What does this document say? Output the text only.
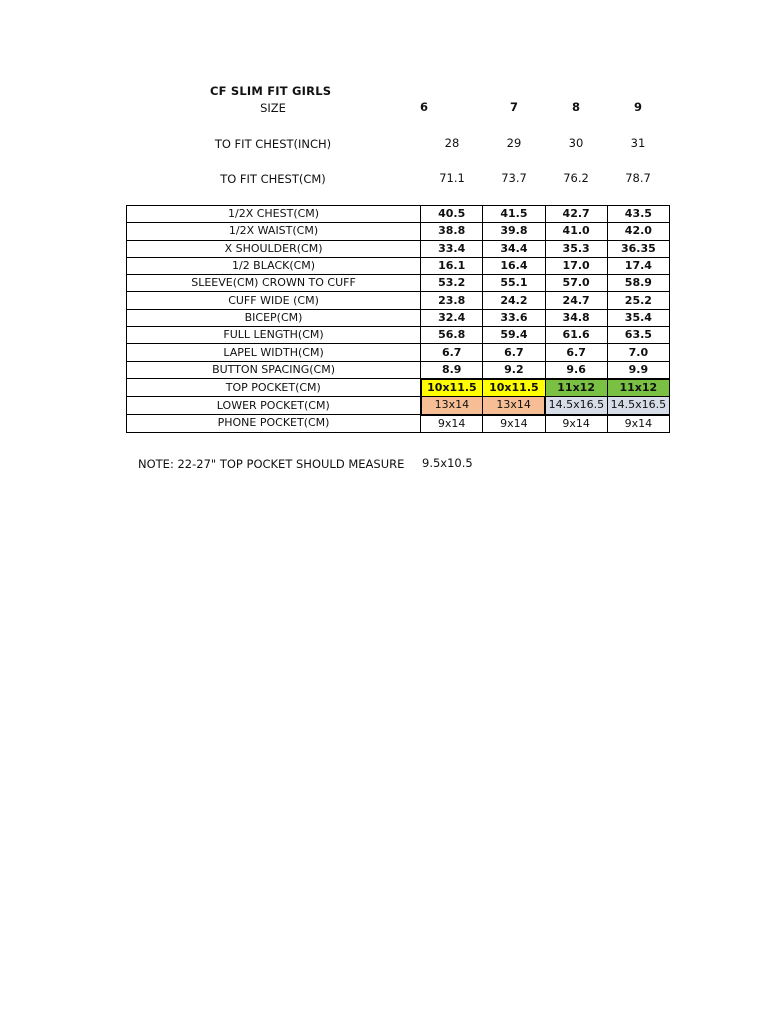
CF SLIM FIT GIRLS
SIZE	6	7	8	9
TO FIT CHEST(INCH)	28	29	30	31
TO FIT CHEST(CM)	71.1	73.7	76.2	78.7
1/2X CHEST(CM)	40.5	41.5	42.7	43.5
1/2X WAIST(CM)	38.8	39.8	41.0	42.0
X SHOULDER(CM)	33.4	34.4	35.3	36.35
1/2 BLACK(CM)	16.1	16.4	17.0	17.4
SLEEVE(CM) CROWN TO CUFF	53.2	55.1	57.0	58.9
CUFF WIDE (CM)	23.8	24.2	24.7	25.2
BICEP(CM)	32.4	33.6	34.8	35.4
FULL LENGTH(CM)	56.8	59.4	61.6	63.5
LAPEL WIDTH(CM)	6.7	6.7	6.7	7.0
BUTTON SPACING(CM)	8.9	9.2	9.6	9.9
TOP POCKET(CM)	10x11.5	10x11.5	11x12	11x12
LOWER POCKET(CM)	13x14	13x14	14.5x16.5	14.5x16.5
PHONE POCKET(CM)	9x14	9x14	9x14	9x14
NOTE: 22-27" TOP POCKET SHOULD MEASURE 9.5x10.5
